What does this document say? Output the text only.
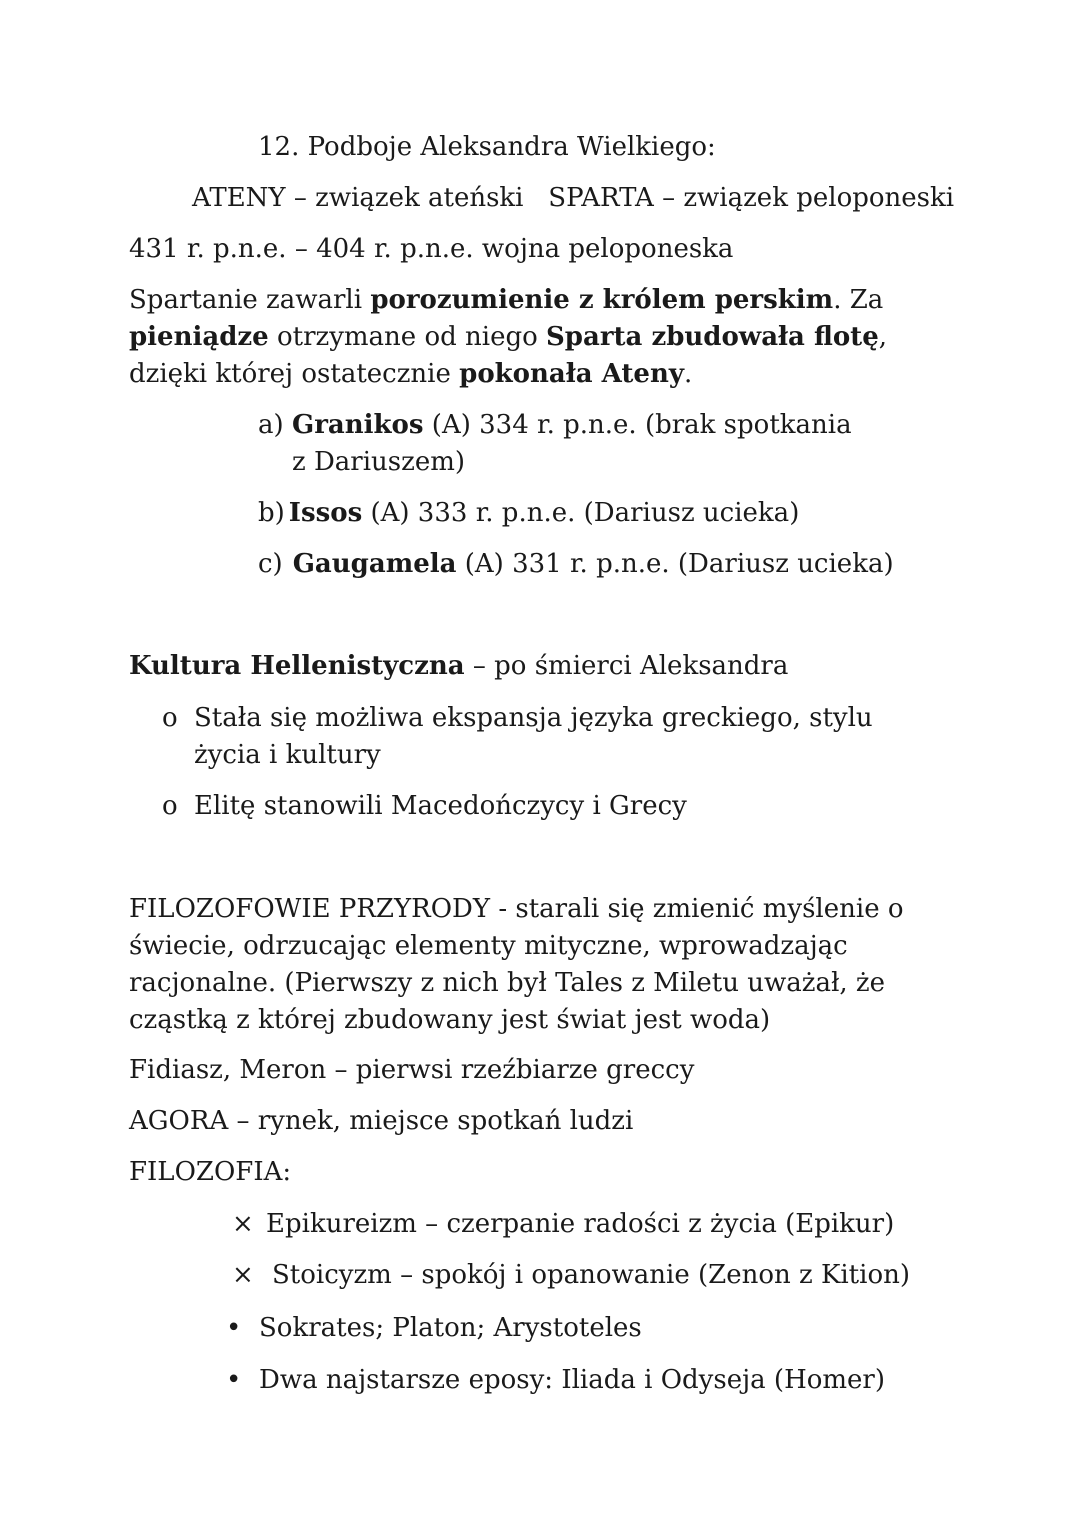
12. Podboje Aleksandra Wielkiego:
ATENY – związek ateński SPARTA – związek peloponeski
431 r. p.n.e. – 404 r. p.n.e. wojna peloponeska
Spartanie zawarli porozumienie z królem perskim. Za pieniądze otrzymane od niego Sparta zbudowała flotę, dzięki której ostatecznie pokonała Ateny.
a) Granikos (A) 334 r. p.n.e. (brak spotkania z Dariuszem)
b) Issos (A) 333 r. p.n.e. (Dariusz ucieka)
c) Gaugamela (A) 331 r. p.n.e. (Dariusz ucieka)
Kultura Hellenistyczna – po śmierci Aleksandra
o Stała się możliwa ekspansja języka greckiego, stylu życia i kultury
o Elitę stanowili Macedończycy i Grecy
FILOZOFOWIE PRZYRODY - starali się zmienić myślenie o świecie, odrzucając elementy mityczne, wprowadzając racjonalne. (Pierwszy z nich był Tales z Miletu uważał, że cząstką z której zbudowany jest świat jest woda)
Fidiasz, Meron – pierwsi rzeźbiarze greccy
AGORA – rynek, miejsce spotkań ludzi
FILOZOFIA:
× Epikureizm – czerpanie radości z życia (Epikur)
× Stoicyzm – spokój i opanowanie (Zenon z Kition)
• Sokrates; Platon; Arystoteles
• Dwa najstarsze eposy: Iliada i Odyseja (Homer)
